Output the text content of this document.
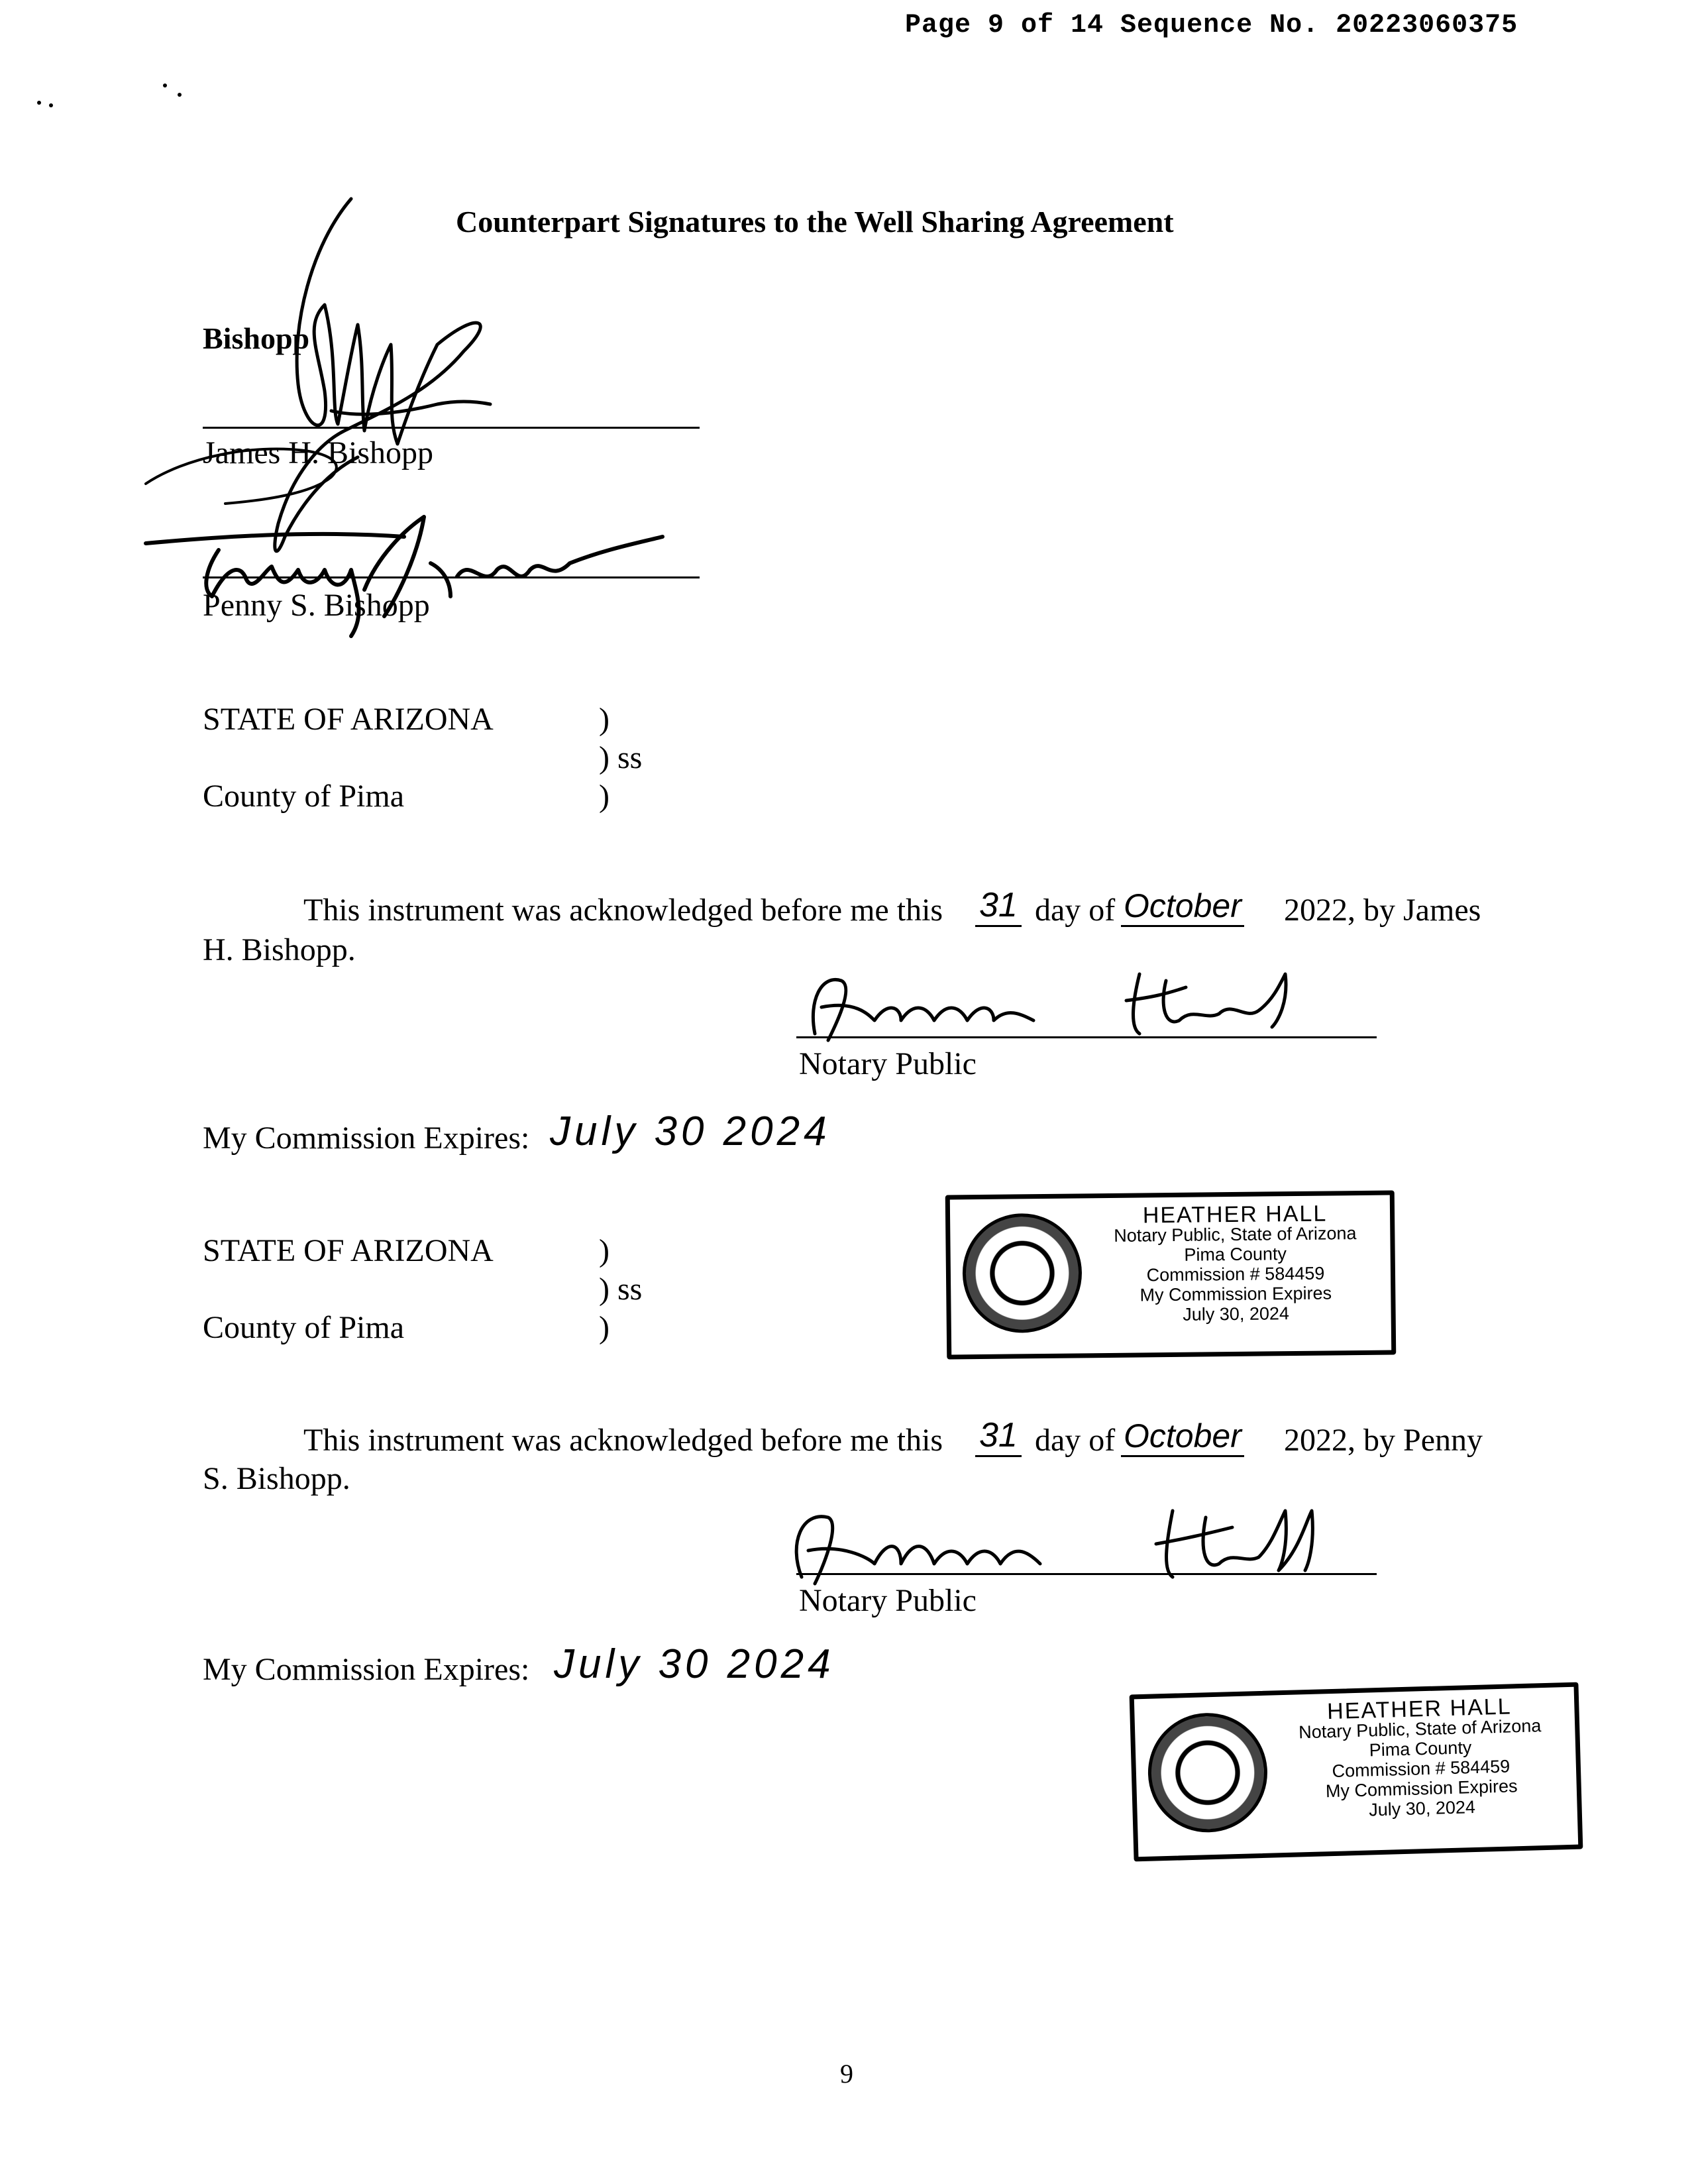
Page 9 of 14 Sequence No. 20223060375
Counterpart Signatures to the Well Sharing Agreement
Bishopp
James H. Bishopp
Penny S. Bishopp
STATE OF ARIZONA	)
) ss
County of Pima	)
This instrument was acknowledged before me this 31 day of October 2022, by James
H. Bishopp.
Notary Public
My Commission Expires: July 30 2024
STATE OF ARIZONA	)
) ss
County of Pima	)
HEATHER HALL
Notary Public, State of Arizona
Pima County
Commission # 584459
My Commission Expires
July 30, 2024
This instrument was acknowledged before me this 31 day of October 2022, by Penny
S. Bishopp.
Notary Public
My Commission Expires: July 30 2024
HEATHER HALL
Notary Public, State of Arizona
Pima County
Commission # 584459
My Commission Expires
July 30, 2024
9
